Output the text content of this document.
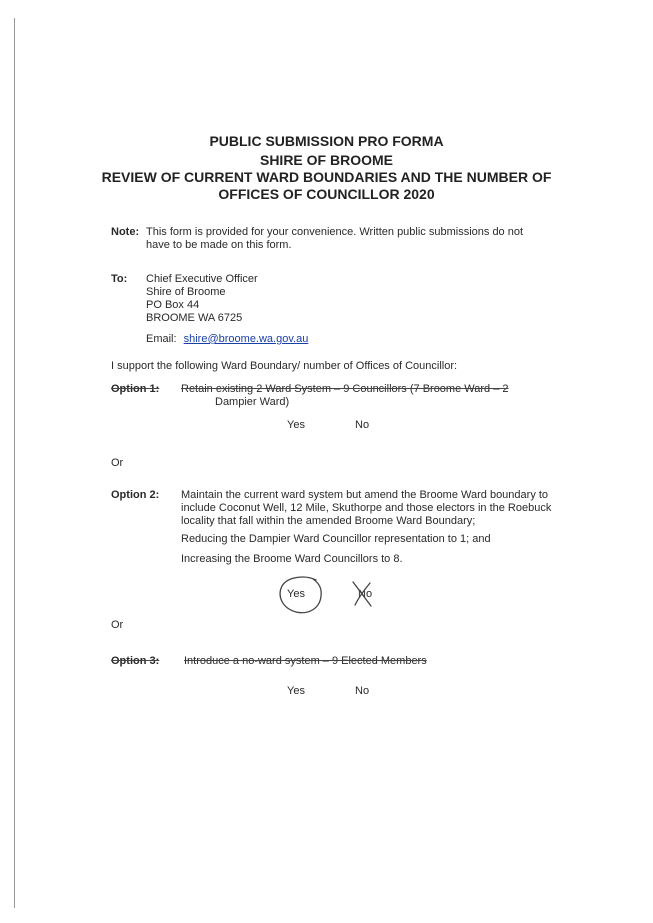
PUBLIC SUBMISSION PRO FORMA
SHIRE OF BROOME
REVIEW OF CURRENT WARD BOUNDARIES AND THE NUMBER OF
OFFICES OF COUNCILLOR 2020
Note: This form is provided for your convenience. Written public submissions do not
have to be made on this form.
To: Chief Executive Officer
Shire of Broome
PO Box 44
BROOME WA 6725
Email: shire@broome.wa.gov.au
I support the following Ward Boundary/ number of Offices of Councillor:
Option 1: Retain existing 2 Ward System – 9 Councillors (7 Broome Ward – 2
Dampier Ward)
Yes	No
Or
Option 2: Maintain the current ward system but amend the Broome Ward boundary to
include Coconut Well, 12 Mile, Skuthorpe and those electors in the Roebuck
locality that fall within the amended Broome Ward Boundary;
Reducing the Dampier Ward Councillor representation to 1; and
Increasing the Broome Ward Councillors to 8.
Yes	No
Or
Option 3: Introduce a no-ward system – 9 Elected Members
Yes	No
